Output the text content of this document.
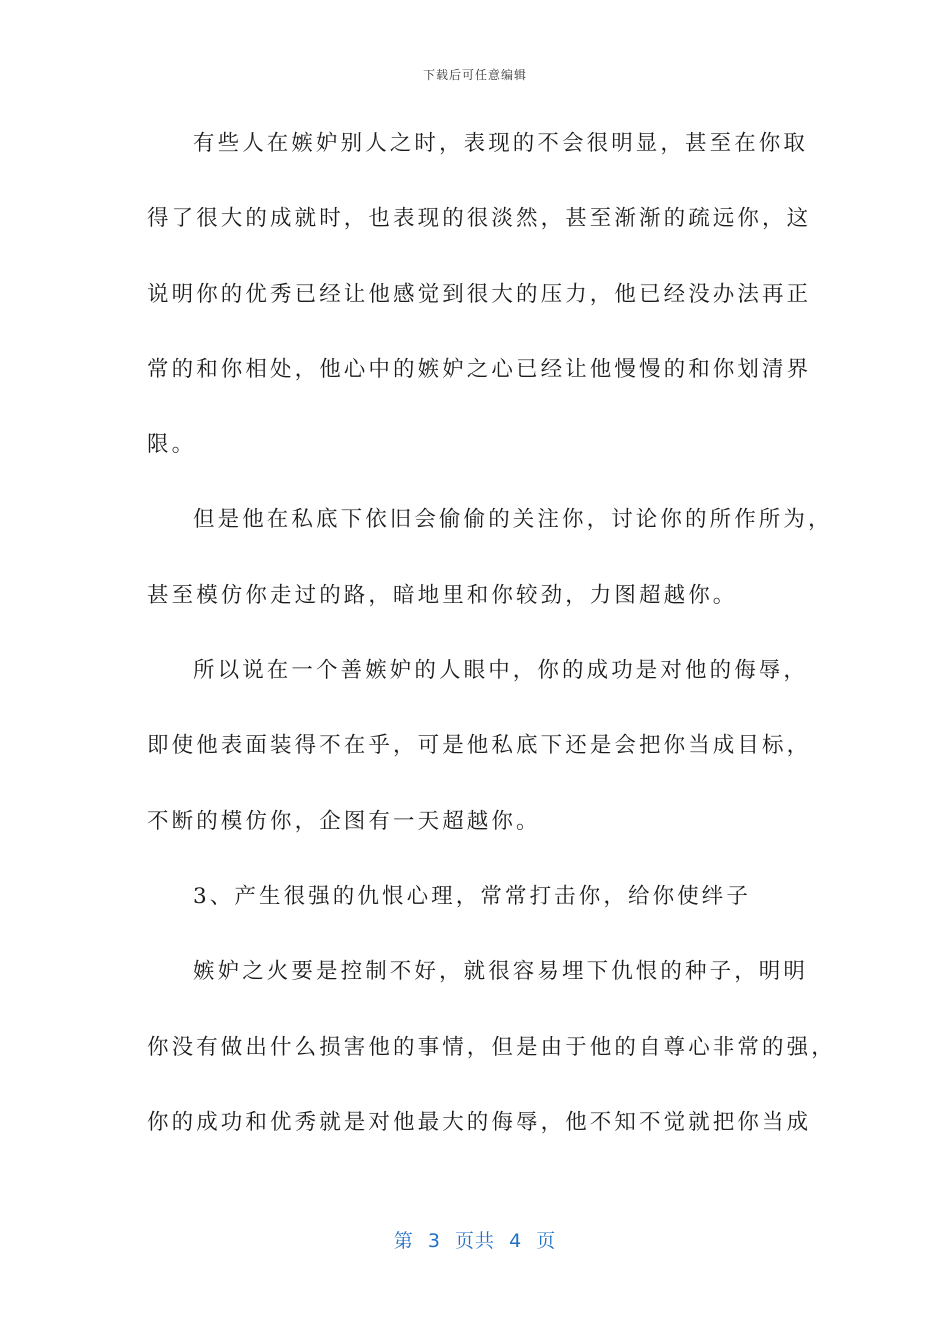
下载后可任意编辑
有些人在嫉妒别人之时，表现的不会很明显，甚至在你取
得了很大的成就时，也表现的很淡然，甚至渐渐的疏远你，这
说明你的优秀已经让他感觉到很大的压力，他已经没办法再正
常的和你相处，他心中的嫉妒之心已经让他慢慢的和你划清界
限。
但是他在私底下依旧会偷偷的关注你，讨论你的所作所为，
甚至模仿你走过的路，暗地里和你较劲，力图超越你。
所以说在一个善嫉妒的人眼中，你的成功是对他的侮辱，
即使他表面装得不在乎，可是他私底下还是会把你当成目标，
不断的模仿你，企图有一天超越你。
3、产生很强的仇恨心理，常常打击你，给你使绊子
嫉妒之火要是控制不好，就很容易埋下仇恨的种子，明明
你没有做出什么损害他的事情，但是由于他的自尊心非常的强，
你的成功和优秀就是对他最大的侮辱，他不知不觉就把你当成
第  3  页共  4  页
